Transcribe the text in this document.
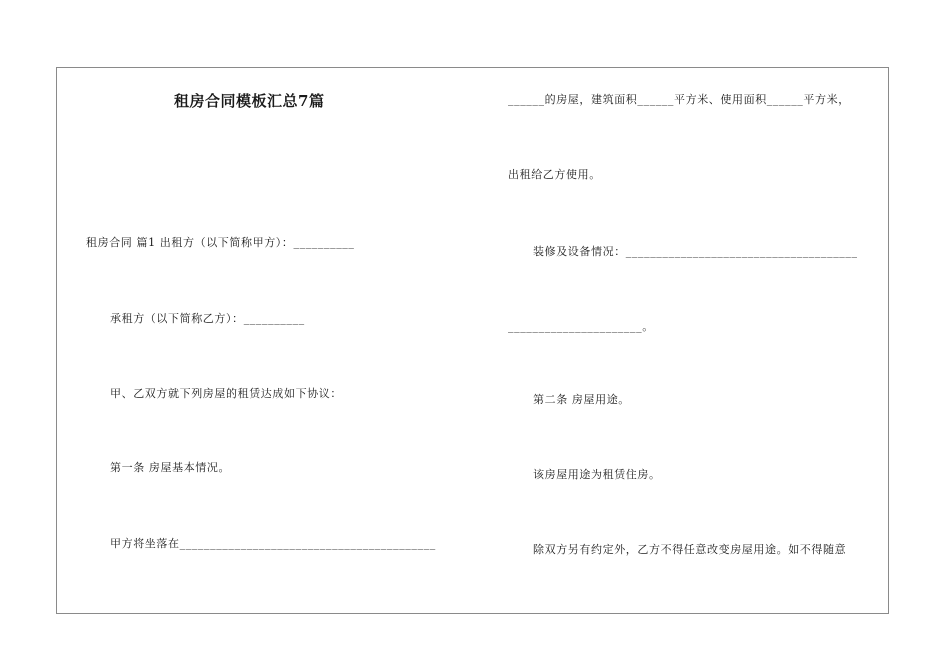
租房合同模板汇总7篇
租房合同 篇1 出租方（以下简称甲方）：__________
承租方（以下简称乙方）：__________
甲、乙双方就下列房屋的租赁达成如下协议：
第一条 房屋基本情况。
甲方将坐落在__________________________________________
______的房屋，建筑面积______平方米、使用面积______平方米，
出租给乙方使用。
装修及设备情况：______________________________________
______________________。
第二条 房屋用途。
该房屋用途为租赁住房。
除双方另有约定外，乙方不得任意改变房屋用途。如不得随意
